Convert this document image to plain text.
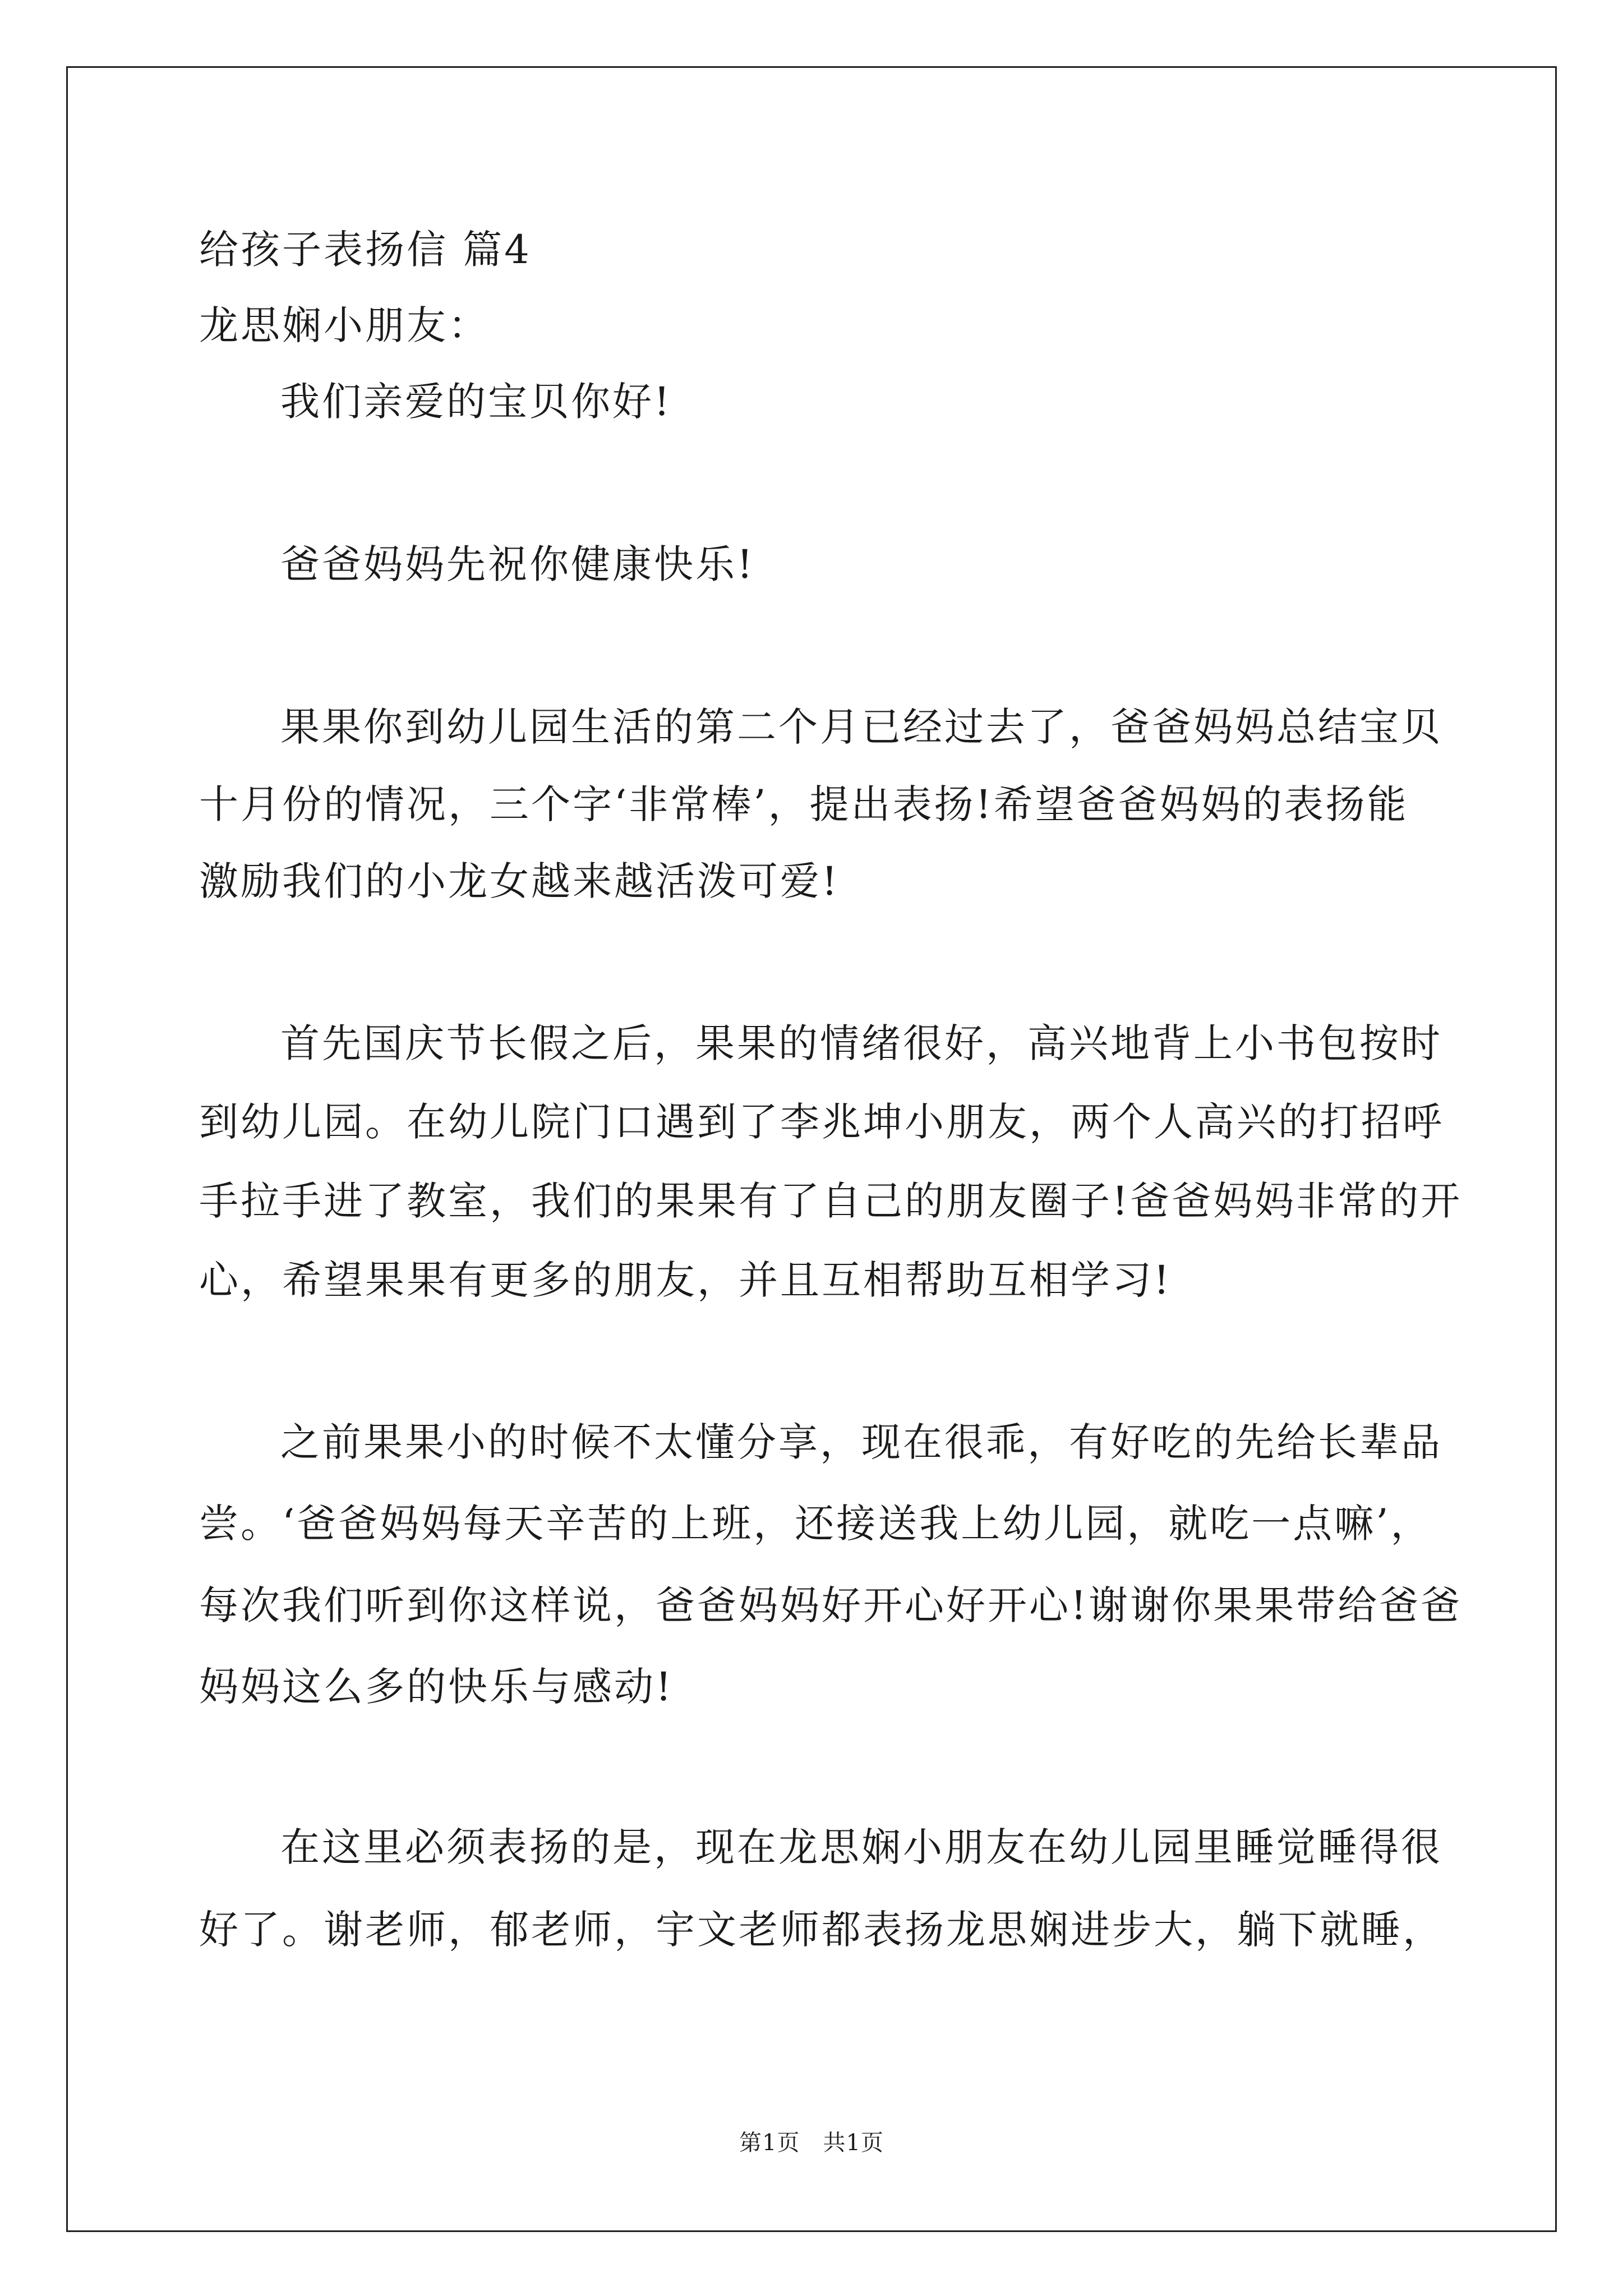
给孩子表扬信 篇4
龙思娴小朋友：
我们亲爱的宝贝你好!
爸爸妈妈先祝你健康快乐!
果果你到幼儿园生活的第二个月已经过去了，爸爸妈妈总结宝贝
十月份的情况，三个字‘非常棒’，提出表扬!希望爸爸妈妈的表扬能
激励我们的小龙女越来越活泼可爱!
首先国庆节长假之后，果果的情绪很好，高兴地背上小书包按时
到幼儿园。在幼儿院门口遇到了李兆坤小朋友，两个人高兴的打招呼
手拉手进了教室，我们的果果有了自己的朋友圈子!爸爸妈妈非常的开
心，希望果果有更多的朋友，并且互相帮助互相学习!
之前果果小的时候不太懂分享，现在很乖，有好吃的先给长辈品
尝。‘爸爸妈妈每天辛苦的上班，还接送我上幼儿园，就吃一点嘛’，
每次我们听到你这样说，爸爸妈妈好开心好开心!谢谢你果果带给爸爸
妈妈这么多的快乐与感动!
在这里必须表扬的是，现在龙思娴小朋友在幼儿园里睡觉睡得很
好了。谢老师，郁老师，宇文老师都表扬龙思娴进步大，躺下就睡，
第1页　共1页
